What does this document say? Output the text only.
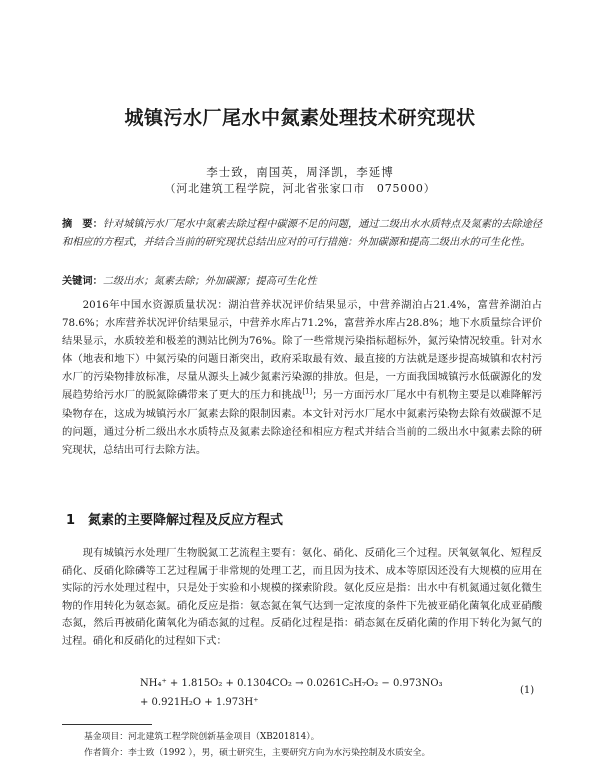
城镇污水厂尾水中氮素处理技术研究现状

李士致，南国英，周泽凯，李延博

（河北建筑工程学院，河北省张家口市　075000）

摘　要：针对城镇污水厂尾水中氮素去除过程中碳源不足的问题，通过二级出水水质特点及氮素的去除途径和相应的方程式，并结合当前的研究现状总结出应对的可行措施：外加碳源和提高二级出水的可生化性。

关键词：二级出水；氮素去除；外加碳源；提高可生化性

2016年中国水资源质量状况：湖泊营养状况评价结果显示，中营养湖泊占21.4%，富营养湖泊占78.6%；水库营养状况评价结果显示，中营养水库占71.2%，富营养水库占28.8%；地下水质量综合评价结果显示，水质较差和极差的测站比例为76%。除了一些常规污染指标超标外，氮污染情况较重。针对水体（地表和地下）中氮污染的问题日渐突出，政府采取最有效、最直接的方法就是逐步提高城镇和农村污水厂的污染物排放标准，尽量从源头上减少氮素污染源的排放。但是，一方面我国城镇污水低碳源化的发展趋势给污水厂的脱氮除磷带来了更大的压力和挑战[1]；另一方面污水厂尾水中有机物主要是以难降解污染物存在，这成为城镇污水厂氮素去除的限制因素。本文针对污水厂尾水中氮素污染物去除有效碳源不足的问题，通过分析二级出水水质特点及氮素去除途径和相应方程式并结合当前的二级出水中氮素去除的研究现状，总结出可行去除方法。

1 氮素的主要降解过程及反应方程式

现有城镇污水处理厂生物脱氮工艺流程主要有：氨化、硝化、反硝化三个过程。厌氧氨氧化、短程反硝化、反硝化除磷等工艺过程属于非常规的处理工艺，而且因为技术、成本等原因还没有大规模的应用在实际的污水处理过程中，只是处于实验和小规模的探索阶段。氨化反应是指：出水中有机氮通过氨化微生物的作用转化为氨态氮。硝化反应是指：氨态氮在氧气达到一定浓度的条件下先被亚硝化菌氧化成亚硝酸态氮，然后再被硝化菌氧化为硝态氮的过程。反硝化过程是指：硝态氮在反硝化菌的作用下转化为氮气的过程。硝化和反硝化的过程如下式：

NH₄⁺ + 1.815O₂ + 0.1304CO₂ → 0.0261C₅H₇O₂ − 0.973NO₃

+ 0.921H₂O + 1.973H⁺

(1)

基金项目：河北建筑工程学院创新基金项目（XB201814）。

作者简介：李士致（1992 ），男，硕士研究生，主要研究方向为水污染控制及水质安全。
